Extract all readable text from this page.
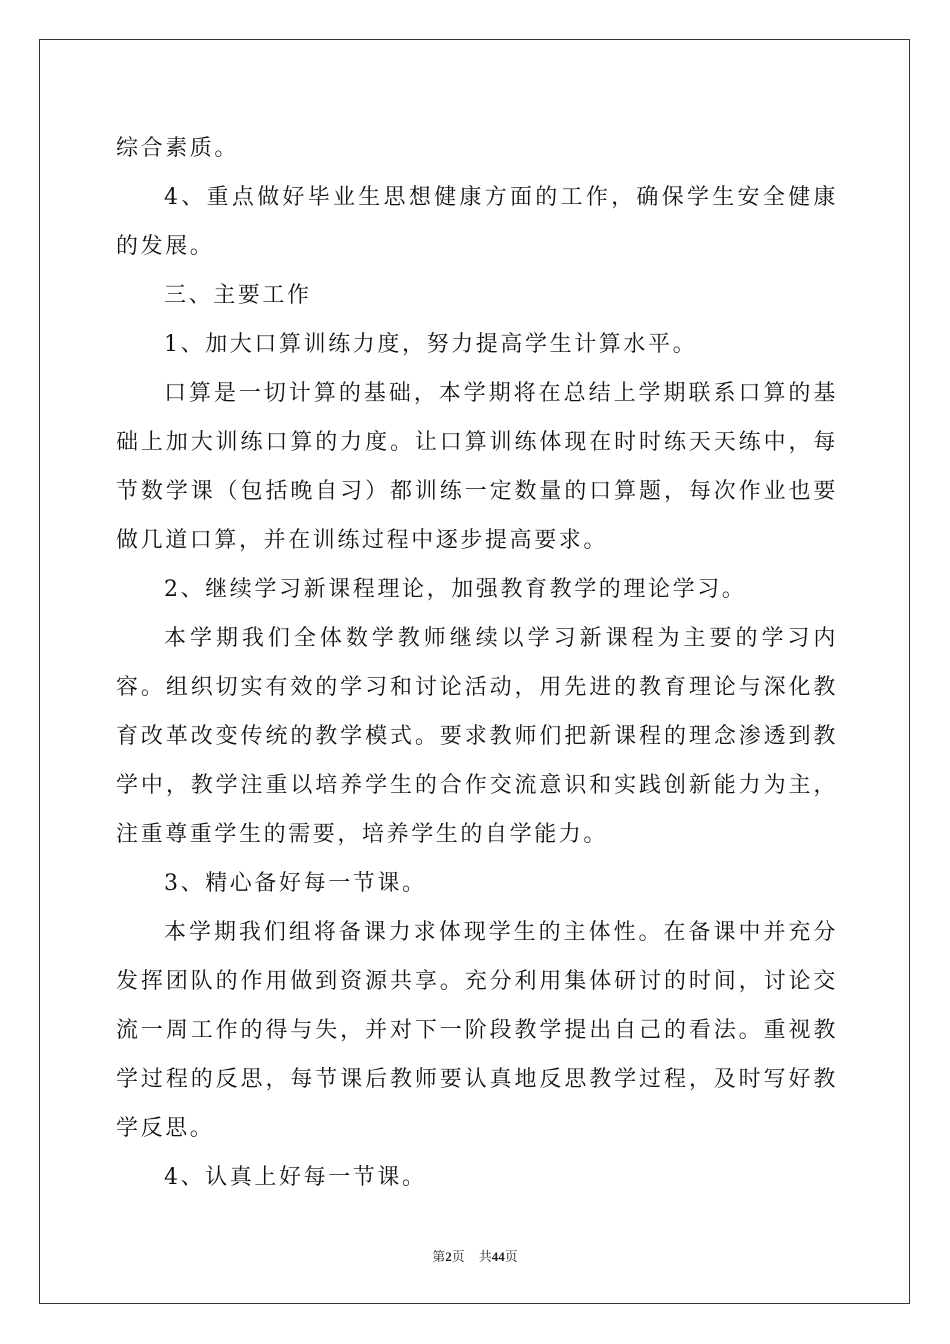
综合素质。

4、重点做好毕业生思想健康方面的工作，确保学生安全健康的发展。

三、主要工作

1、加大口算训练力度，努力提高学生计算水平。

口算是一切计算的基础，本学期将在总结上学期联系口算的基础上加大训练口算的力度。让口算训练体现在时时练天天练中，每节数学课（包括晚自习）都训练一定数量的口算题，每次作业也要做几道口算，并在训练过程中逐步提高要求。

2、继续学习新课程理论，加强教育教学的理论学习。

本学期我们全体数学教师继续以学习新课程为主要的学习内容。组织切实有效的学习和讨论活动，用先进的教育理论与深化教育改革改变传统的教学模式。要求教师们把新课程的理念渗透到教学中，教学注重以培养学生的合作交流意识和实践创新能力为主，注重尊重学生的需要，培养学生的自学能力。

3、精心备好每一节课。

本学期我们组将备课力求体现学生的主体性。在备课中并充分发挥团队的作用做到资源共享。充分利用集体研讨的时间，讨论交流一周工作的得与失，并对下一阶段教学提出自己的看法。重视教学过程的反思，每节课后教师要认真地反思教学过程，及时写好教学反思。

4、认真上好每一节课。

第2页 共44页
